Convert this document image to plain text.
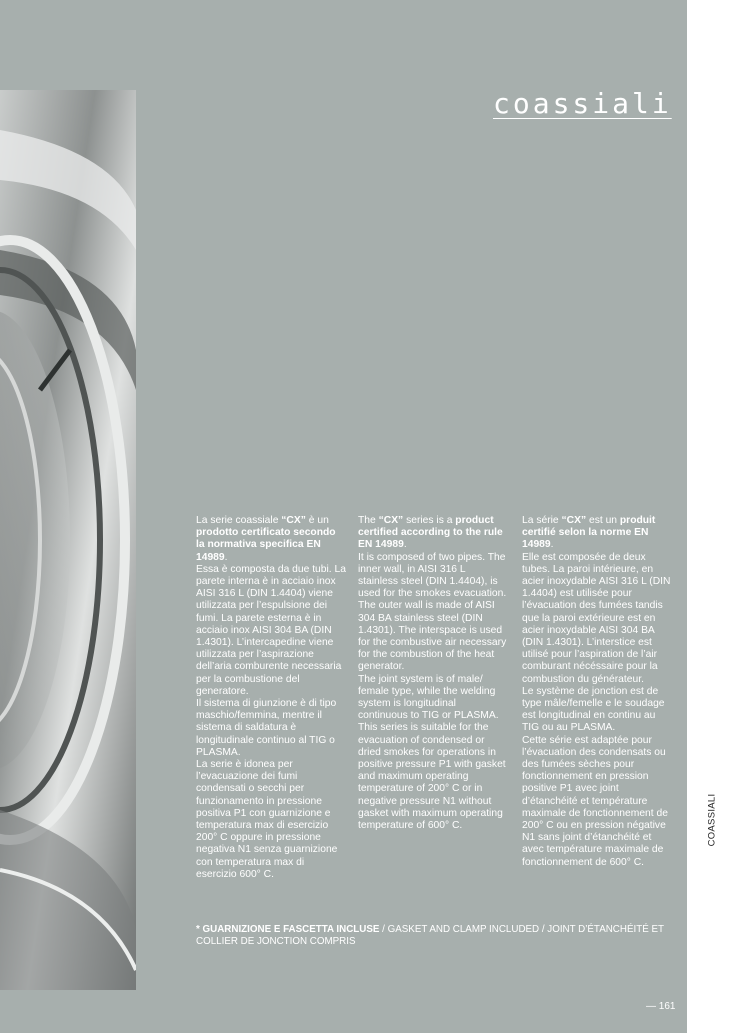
coassiali

La serie coassiale “CX” è un prodotto certificato secondo la normativa specifica EN 14989.

Essa è composta da due tubi. La parete interna è in acciaio inox AISI 316 L (DIN 1.4404) viene utilizzata per l’espulsione dei fumi. La parete esterna è in acciaio inox AISI 304 BA (DIN 1.4301). L’intercapedine viene utilizzata per l’aspirazione dell’aria comburente necessaria per la combustione del generatore.

Il sistema di giunzione è di tipo maschio/femmina, mentre il sistema di saldatura è longitudinale continuo al TIG o PLASMA.

La serie è idonea per l’evacuazione dei fumi condensati o secchi per funzionamento in pressione positiva P1 con guarnizione e temperatura max di esercizio 200° C oppure in pressione negativa N1 senza guarnizione con temperatura max di esercizio 600° C.

The “CX” series is a product certified according to the rule EN 14989.

It is composed of two pipes. The inner wall, in AISI 316 L stainless steel (DIN 1.4404), is used for the smokes evacuation. The outer wall is made of AISI 304 BA stainless steel (DIN 1.4301). The interspace is used for the combustive air necessary for the combustion of the heat generator.

The joint system is of male/ female type, while the welding system is longitudinal continuous to TIG or PLASMA.

This series is suitable for the evacuation of condensed or dried smokes for operations in positive pressure P1 with gasket and maximum operating temperature of 200° C or in negative pressure N1 without gasket with maximum operating temperature of 600° C.

La série “CX” est un produit certifié selon la norme EN 14989.

Elle est composée de deux tubes. La paroi intérieure, en acier inoxydable AISI 316 L (DIN 1.4404) est utilisée pour l’évacuation des fumées tandis que la paroi extérieure est en acier inoxydable AISI 304 BA (DIN 1.4301). L’interstice est utilisé pour l’aspiration de l’air comburant nécéssaire pour la combustion du générateur.

Le système de jonction est de type mâle/femelle e le soudage est longitudinal en continu au TIG ou au PLASMA.

Cette série est adaptée pour l’évacuation des condensats ou des fumées sèches pour fonctionnement en pression positive P1 avec joint d’étanchéité et température maximale de fonctionnement de 200° C ou en pression négative N1 sans joint d’étanchéité et avec température maximale de fonctionnement de 600° C.

* GUARNIZIONE E FASCETTA INCLUSE / GASKET AND CLAMP INCLUDED / JOINT D’ÉTANCHÉITÉ ET COLLIER DE JONCTION COMPRIS
— 161
COASSIALI
